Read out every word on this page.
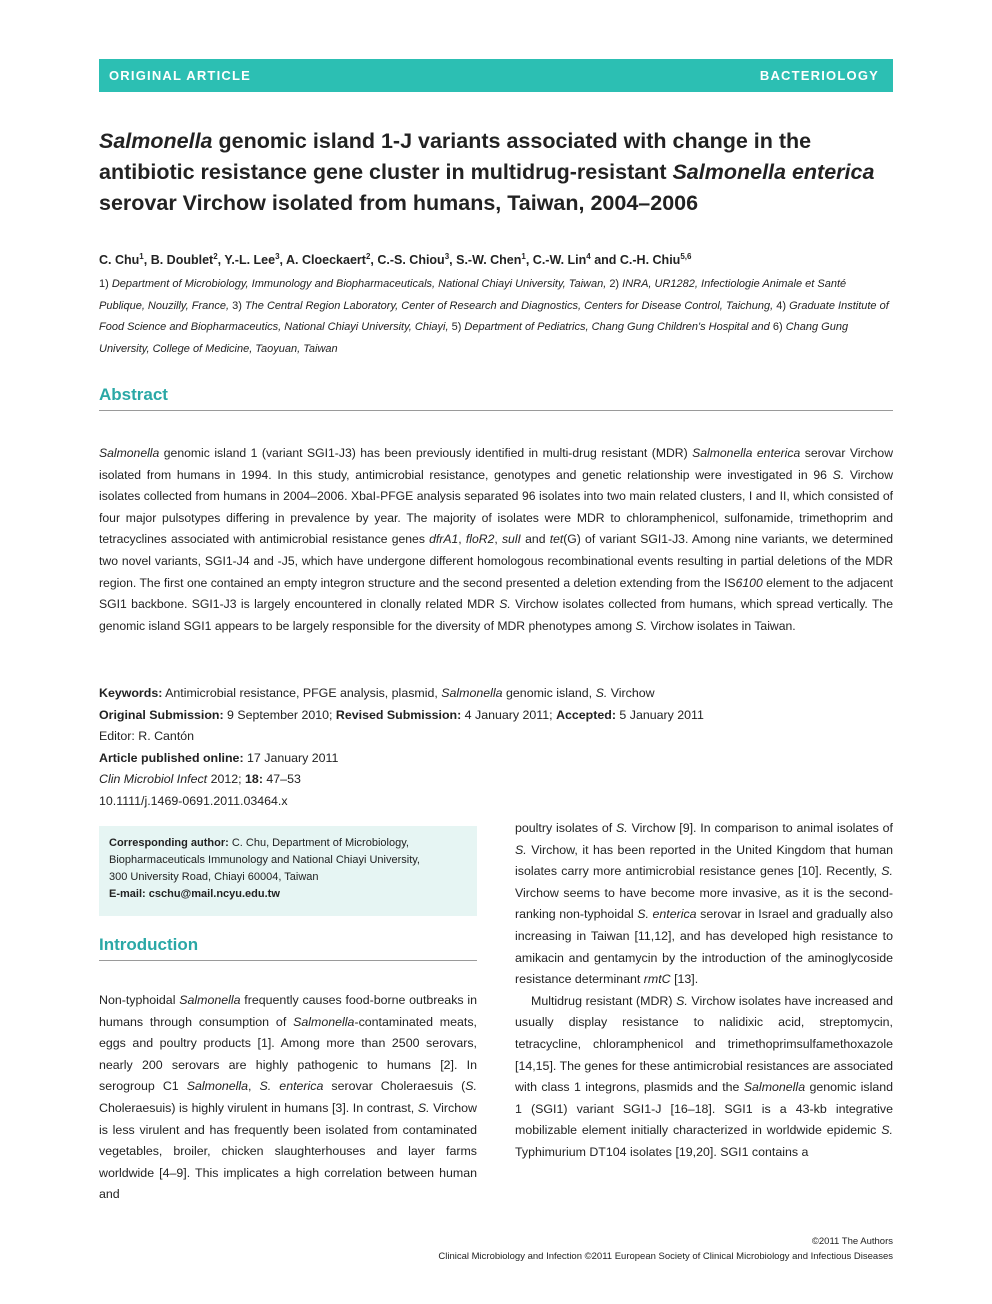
ORIGINAL ARTICLE	BACTERIOLOGY
Salmonella genomic island 1-J variants associated with change in the antibiotic resistance gene cluster in multidrug-resistant Salmonella enterica serovar Virchow isolated from humans, Taiwan, 2004–2006
C. Chu$^1$, B. Doublet$^2$, Y.-L. Lee$^3$, A. Cloeckaert$^2$, C.-S. Chiou$^3$, S.-W. Chen$^1$, C.-W. Lin$^4$ and C.-H. Chiu$^{5,6}$
1) Department of Microbiology, Immunology and Biopharmaceuticals, National Chiayi University, Taiwan, 2) INRA, UR1282, Infectiologie Animale et Santé Publique, Nouzilly, France, 3) The Central Region Laboratory, Center of Research and Diagnostics, Centers for Disease Control, Taichung, 4) Graduate Institute of Food Science and Biopharmaceutics, National Chiayi University, Chiayi, 5) Department of Pediatrics, Chang Gung Children's Hospital and 6) Chang Gung University, College of Medicine, Taoyuan, Taiwan
Abstract

Salmonella genomic island 1 (variant SGI1-J3) has been previously identified in multi-drug resistant (MDR) Salmonella enterica serovar Virchow isolated from humans in 1994. In this study, antimicrobial resistance, genotypes and genetic relationship were investigated in 96 S. Virchow isolates collected from humans in 2004–2006. XbaI-PFGE analysis separated 96 isolates into two main related clusters, I and II, which consisted of four major pulsotypes differing in prevalence by year. The majority of isolates were MDR to chloramphenicol, sulfonamide, trimethoprim and tetracyclines associated with antimicrobial resistance genes dfrA1, floR2, sulI and tet(G) of variant SGI1-J3. Among nine variants, we determined two novel variants, SGI1-J4 and -J5, which have undergone different homologous recombinational events resulting in partial deletions of the MDR region. The first one contained an empty integron structure and the second presented a deletion extending from the IS6100 element to the adjacent SGI1 backbone. SGI1-J3 is largely encountered in clonally related MDR S. Virchow isolates collected from humans, which spread vertically. The genomic island SGI1 appears to be largely responsible for the diversity of MDR phenotypes among S. Virchow isolates in Taiwan.

Keywords: Antimicrobial resistance, PFGE analysis, plasmid, Salmonella genomic island, S. Virchow
Original Submission: 9 September 2010; Revised Submission: 4 January 2011; Accepted: 5 January 2011
Editor: R. Cantón
Article published online: 17 January 2011
Clin Microbiol Infect 2012; 18: 47–53
10.1111/j.1469-0691.2011.03464.x
Corresponding author: C. Chu, Department of Microbiology,
Biopharmaceuticals Immunology and National Chiayi University,
300 University Road, Chiayi 60004, Taiwan
E-mail: cschu@mail.ncyu.edu.tw
Introduction

Non-typhoidal Salmonella frequently causes food-borne outbreaks in humans through consumption of Salmonella-contaminated meats, eggs and poultry products [1]. Among more than 2500 serovars, nearly 200 serovars are highly pathogenic to humans [2]. In serogroup C1 Salmonella, S. enterica serovar Choleraesuis (S. Choleraesuis) is highly virulent in humans [3]. In contrast, S. Virchow is less virulent and has frequently been isolated from contaminated vegetables, broiler, chicken slaughterhouses and layer farms worldwide [4–9]. This implicates a high correlation between human and

poultry isolates of S. Virchow [9]. In comparison to animal isolates of S. Virchow, it has been reported in the United Kingdom that human isolates carry more antimicrobial resistance genes [10]. Recently, S. Virchow seems to have become more invasive, as it is the second-ranking non-typhoidal S. enterica serovar in Israel and gradually also increasing in Taiwan [11,12], and has developed high resistance to amikacin and gentamycin by the introduction of the aminoglycoside resistance determinant rmtC [13].

Multidrug resistant (MDR) S. Virchow isolates have increased and usually display resistance to nalidixic acid, streptomycin, tetracycline, chloramphenicol and trimethoprimsulfamethoxazole [14,15]. The genes for these antimicrobial resistances are associated with class 1 integrons, plasmids and the Salmonella genomic island 1 (SGI1) variant SGI1-J [16–18]. SGI1 is a 43-kb integrative mobilizable element initially characterized in worldwide epidemic S. Typhimurium DT104 isolates [19,20]. SGI1 contains a

©2011 The Authors
Clinical Microbiology and Infection ©2011 European Society of Clinical Microbiology and Infectious Diseases
